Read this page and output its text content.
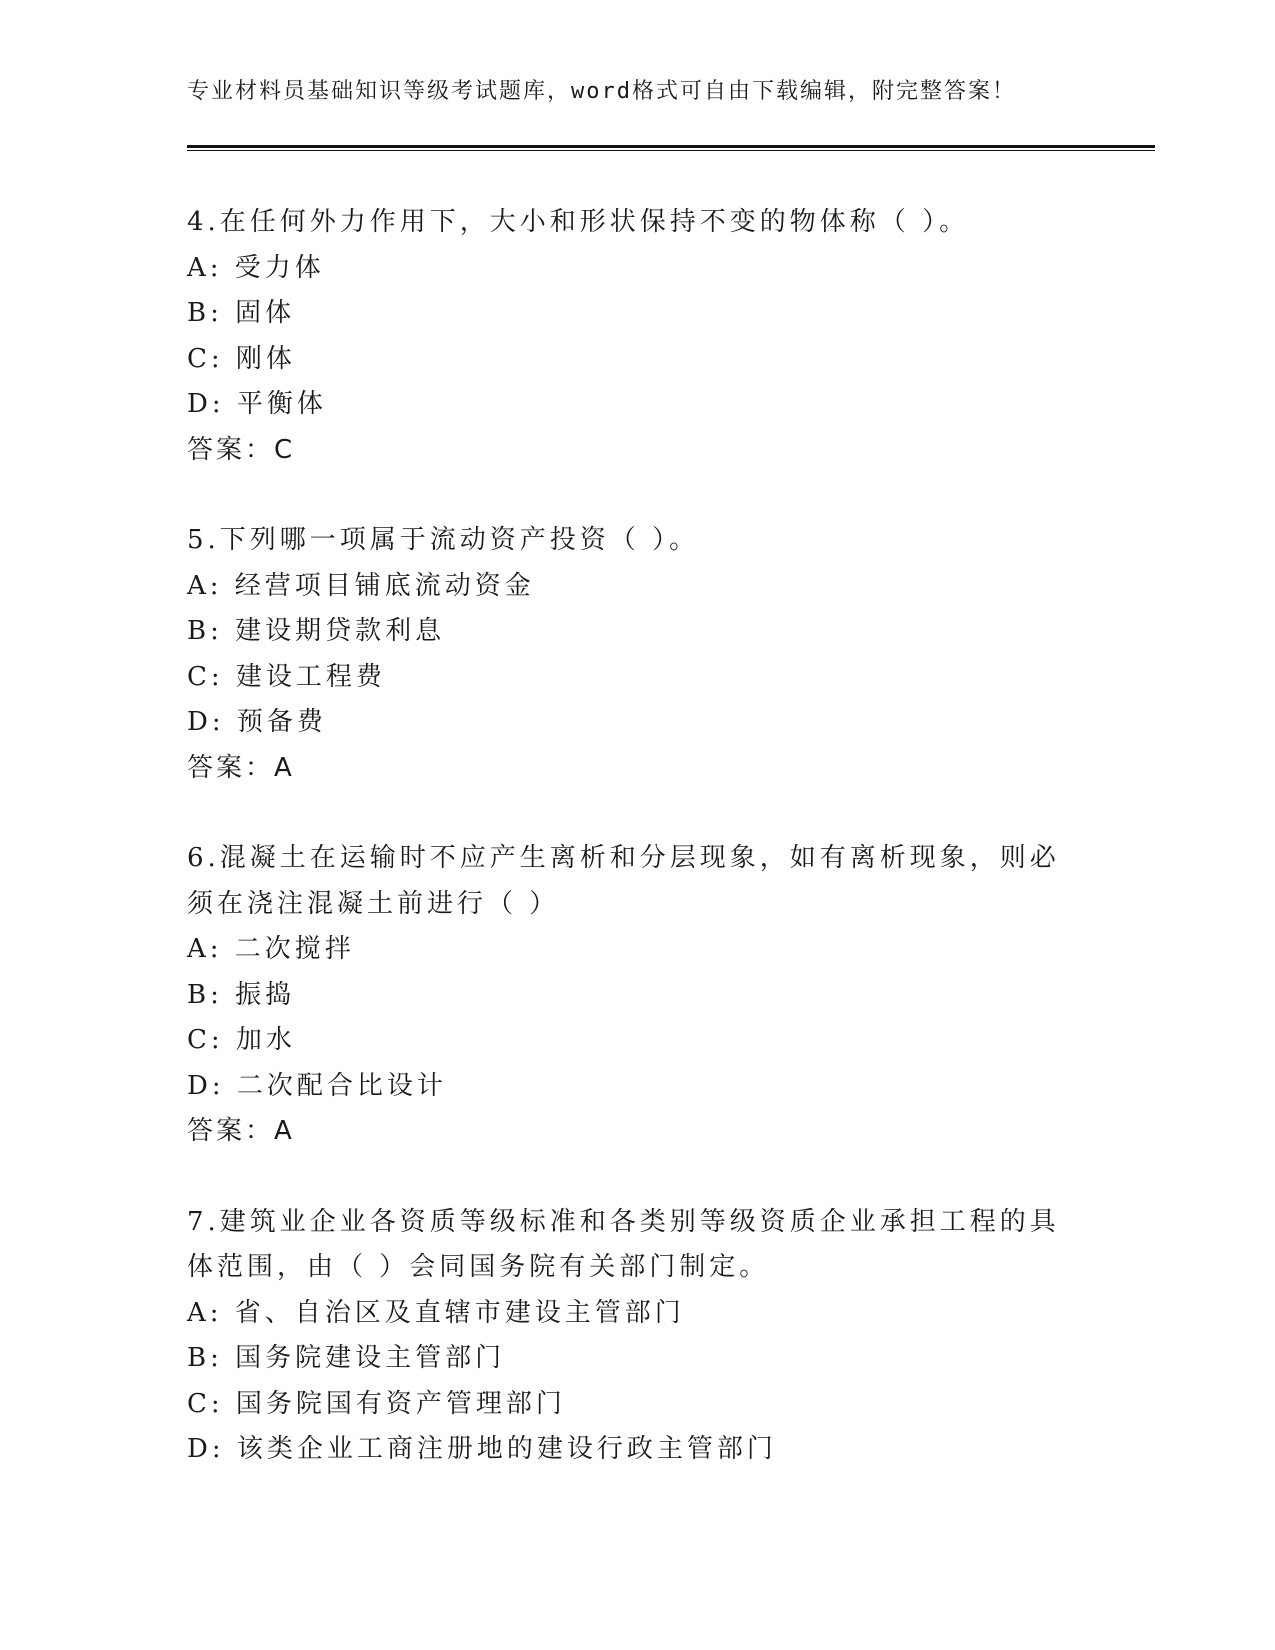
专业材料员基础知识等级考试题库，word格式可自由下载编辑，附完整答案！

4.在任何外力作用下，大小和形状保持不变的物体称（ ）。

A: 受力体

B: 固体

C: 刚体

D: 平衡体

答案：C

5.下列哪一项属于流动资产投资（ ）。

A: 经营项目铺底流动资金

B: 建设期贷款利息

C: 建设工程费

D: 预备费

答案：A

6.混凝土在运输时不应产生离析和分层现象，如有离析现象，则必须在浇注混凝土前进行（ ）

A: 二次搅拌

B: 振捣

C: 加水

D: 二次配合比设计

答案：A

7.建筑业企业各资质等级标准和各类别等级资质企业承担工程的具体范围，由（ ）会同国务院有关部门制定。

A: 省、自治区及直辖市建设主管部门

B: 国务院建设主管部门

C: 国务院国有资产管理部门

D: 该类企业工商注册地的建设行政主管部门
